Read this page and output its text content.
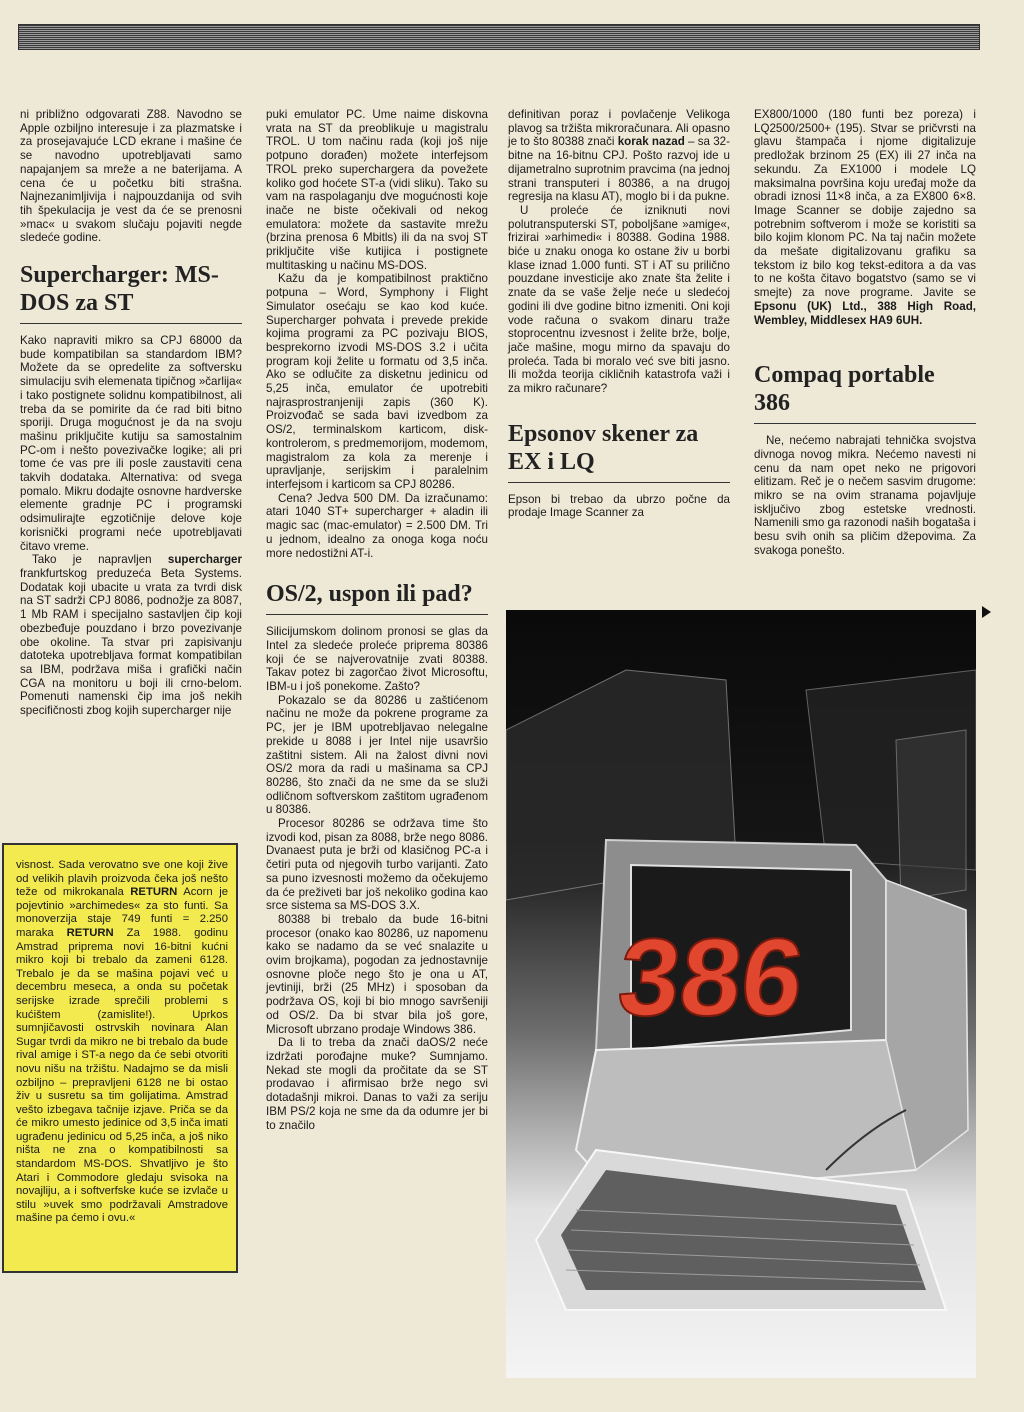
ni približno odgovarati Z88. Navodno se Apple ozbiljno interesuje i za plazmatske i za prosejavajuće LCD ekrane i mašine će se navodno upotrebljavati samo napajanjem sa mreže a ne baterijama. A cena će u početku biti strašna. Najnezanimljivija i najpouzdanija od svih tih špekulacija je vest da će se prenosni »mac« u svakom slučaju pojaviti negde sledeće godine.

Supercharger: MS-DOS za ST

Kako napraviti mikro sa CPJ 68000 da bude kompatibilan sa standardom IBM? Možete da se opredelite za softversku simulaciju svih elemenata tipičnog »čarlija« i tako postignete solidnu kompatibilnost, ali treba da se pomirite da će rad biti bitno sporiji. Druga mogućnost je da na svoju mašinu priključite kutiju sa samostalnim PC-om i nešto povezivačke logike; ali pri tome će vas pre ili posle zaustaviti cena takvih dodataka. Alternativa: od svega pomalo. Mikru dodajte osnovne hardverske elemente gradnje PC i programski odsimulirajte egzotičnije delove koje korisnički programi neće upotrebljavati čitavo vreme.

Tako je napravljen supercharger frankfurtskog preduzeća Beta Systems. Dodatak koji ubacite u vrata za tvrdi disk na ST sadrži CPJ 8086, podnožje za 8087, 1 Mb RAM i specijalno sastavljen čip koji obezbeđuje pouzdano i brzo povezivanje obe okoline. Ta stvar pri zapisivanju datoteka upotrebljava format kompatibilan sa IBM, podržava miša i grafički način CGA na monitoru u boji ili crno-belom. Pomenuti namenski čip ima još nekih specifičnosti zbog kojih supercharger nije

visnost. Sada verovatno sve one koji žive od velikih plavih proizvoda čeka još nešto teže od mikrokanala RETURN Acorn je pojevtinio »archimedes« za sto funti. Sa monoverzija staje 749 funti = 2.250 maraka RETURN Za 1988. godinu Amstrad priprema novi 16-bitni kućni mikro koji bi trebalo da zameni 6128. Trebalo je da se mašina pojavi već u decembru meseca, a onda su početak serijske izrade sprečili problemi s kućištem (zamislite!). Uprkos sumnjičavosti ostrvskih novinara Alan Sugar tvrdi da mikro ne bi trebalo da bude rival amige i ST-a nego da će sebi otvoriti novu nišu na tržištu. Nadajmo se da misli ozbiljno – prepravljeni 6128 ne bi ostao živ u susretu sa tim golijatima. Amstrad vešto izbegava tačnije izjave. Priča se da će mikro umesto jedinice od 3,5 inča imati ugrađenu jedinicu od 5,25 inča, a još niko ništa ne zna o kompatibilnosti sa standardom MS-DOS. Shvatljivo je što Atari i Commodore gledaju svisoka na novajliju, a i softverfske kuće se izvlače u stilu »uvek smo podržavali Amstradove mašine pa ćemo i ovu.«

puki emulator PC. Ume naime diskovna vrata na ST da preoblikuje u magistralu TROL. U tom načinu rada (koji još nije potpuno dorađen) možete interfejsom TROL preko superchargera da povežete koliko god hoćete ST-a (vidi sliku). Tako su vam na raspolaganju dve mogućnosti koje inače ne biste očekivali od nekog emulatora: možete da sastavite mrežu (brzina prenosa 6 Mbitls) ili da na svoj ST priključite više kutijica i postignete multitasking u načinu MS-DOS.

Kažu da je kompatibilnost praktično potpuna – Word, Symphony i Flight Simulator osećaju se kao kod kuće. Supercharger pohvata i prevede prekide kojima programi za PC pozivaju BIOS, besprekorno izvodi MS-DOS 3.2 i učita program koji želite u formatu od 3,5 inča. Ako se odlučite za disketnu jedinicu od 5,25 inča, emulator će upotrebiti najrasprostranjeniji zapis (360 K). Proizvođač se sada bavi izvedbom za OS/2, terminalskom karticom, disk-kontrolerom, s predmemorijom, modemom, magistralom za kola za merenje i upravljanje, serijskim i paralelnim interfejsom i karticom sa CPJ 80286.

Cena? Jedva 500 DM. Da izračunamo: atari 1040 ST+ supercharger + aladin ili magic sac (mac-emulator) = 2.500 DM. Tri u jednom, idealno za onoga koga noću more nedostižni AT-i.

OS/2, uspon ili pad?

Silicijumskom dolinom pronosi se glas da Intel za sledeće proleće priprema 80386 koji će se najverovatnije zvati 80388. Takav potez bi zagorčao život Microsoftu, IBM-u i još ponekome. Zašto?

Pokazalo se da 80286 u zaštićenom načinu ne može da pokrene programe za PC, jer je IBM upotrebljavao nelegalne prekide u 8088 i jer Intel nije usavršio zaštitni sistem. Ali na žalost divni novi OS/2 mora da radi u mašinama sa CPJ 80286, što znači da ne sme da se služi odličnom softverskom zaštitom ugrađenom u 80386.

Procesor 80286 se održava time što izvodi kod, pisan za 8088, brže nego 8086. Dvanaest puta je brži od klasičnog PC-a i četiri puta od njegovih turbo varijanti. Zato sa puno izvesnosti možemo da očekujemo da će preživeti bar još nekoliko godina kao srce sistema sa MS-DOS 3.X.

80388 bi trebalo da bude 16-bitni procesor (onako kao 80286, uz napomenu kako se nadamo da se već snalazite u ovim brojkama), pogodan za jednostavnije osnovne ploče nego što je ona u AT, jevtiniji, brži (25 MHz) i sposoban da podržava OS, koji bi bio mnogo savršeniji od OS/2. Da bi stvar bila još gore, Microsoft ubrzano prodaje Windows 386.

Da li to treba da znači daOS/2 neće izdržati porođajne muke? Sumnjamo. Nekad ste mogli da pročitate da se ST prodavao i afirmisao brže nego svi dotadašnji mikroi. Danas to važi za seriju IBM PS/2 koja ne sme da da odumre jer bi to značilo

definitivan poraz i povlačenje Velikoga plavog sa tržišta mikroračunara. Ali opasno je to što 80388 znači korak nazad – sa 32-bitne na 16-bitnu CPJ. Pošto razvoj ide u dijametralno suprotnim pravcima (na jednoj strani transputeri i 80386, a na drugoj regresija na klasu AT), moglo bi i da pukne.

U proleće će izniknuti novi polutransputerski ST, poboljšane »amige«, frizirai »arhimedi« i 80388. Godina 1988. biće u znaku onoga ko ostane živ u borbi klase iznad 1.000 funti. ST i AT su prilično pouzdane investicije ako znate šta želite i znate da se vaše želje neće u sledećoj godini ili dve godine bitno izmeniti. Oni koji vode računa o svakom dinaru traže stoprocentnu izvesnost i želite brže, bolje, jače mašine, mogu mirno da spavaju do proleća. Tada bi moralo već sve biti jasno. Ili možda teorija cikličnih katastrofa važi i za mikro računare?

Epsonov skener za EX i LQ

Epson bi trebao da ubrzo počne da prodaje Image Scanner za

EX800/1000 (180 funti bez poreza) i LQ2500/2500+ (195). Stvar se pričvrsti na glavu štampača i njome digitalizuje predložak brzinom 25 (EX) ili 27 inča na sekundu. Za EX1000 i modele LQ maksimalna površina koju uređaj može da obradi iznosi 11×8 inča, a za EX800 6×8. Image Scanner se dobije zajedno sa potrebnim softverom i može se koristiti sa bilo kojim klonom PC. Na taj način možete da mešate digitalizovanu grafiku sa tekstom iz bilo kog tekst-editora a da vas to ne košta čitavo bogatstvo (samo se vi smejte) za nove programe. Javite se Epsonu (UK) Ltd., 388 High Road, Wembley, Middlesex HA9 6UH.

Compaq portable 386

Ne, nećemo nabrajati tehnička svojstva divnoga novog mikra. Nećemo navesti ni cenu da nam opet neko ne prigovori elitizam. Reč je o nečem sasvim drugome: mikro se na ovim stranama pojavljuje isključivo zbog estetske vrednosti. Namenili smo ga razonodi naših bogataša i besu svih onih sa pličim džepovima. Za svakoga ponešto.

386
